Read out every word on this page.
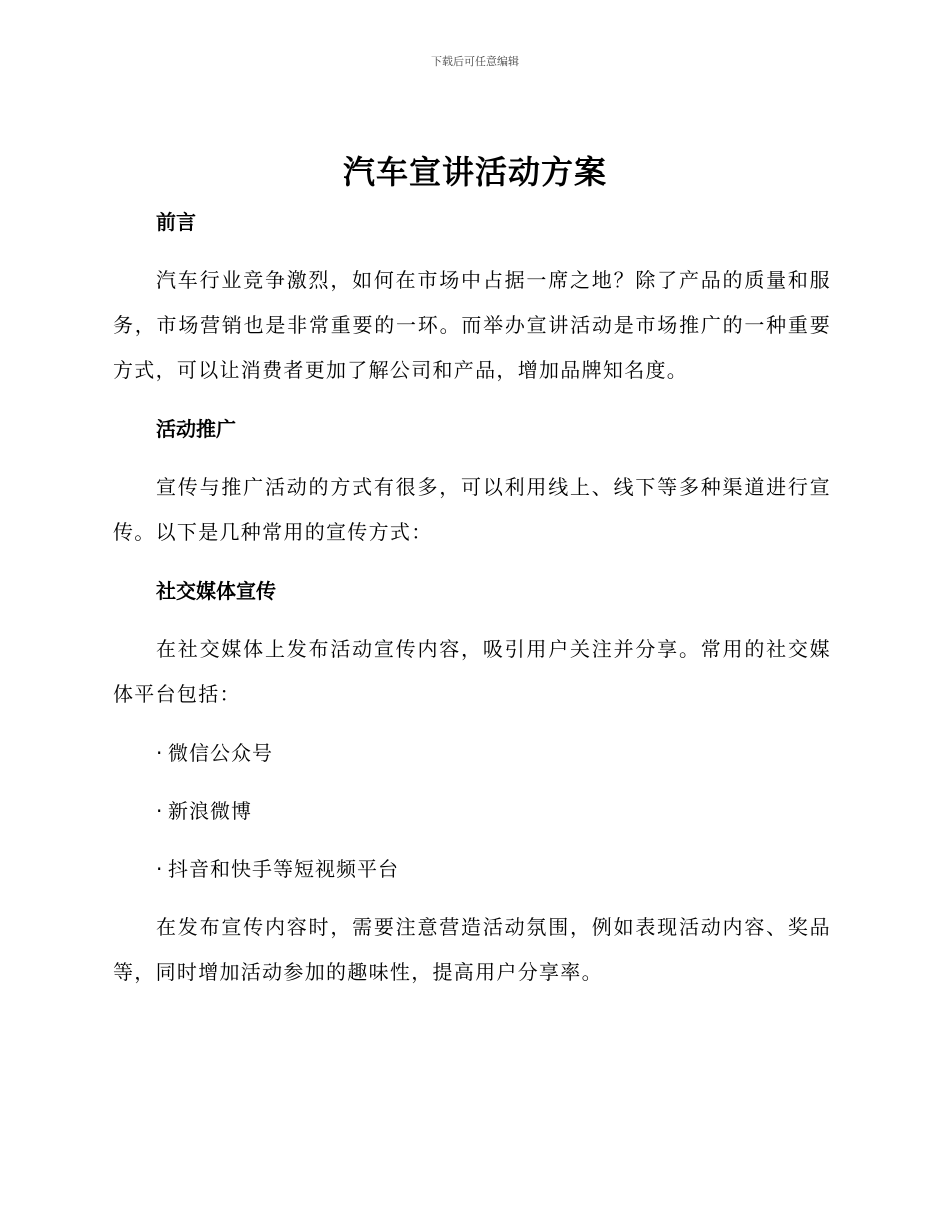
下载后可任意编辑
汽车宣讲活动方案
前言

汽车行业竞争激烈，如何在市场中占据一席之地？除了产品的质量和服务，市场营销也是非常重要的一环。而举办宣讲活动是市场推广的一种重要方式，可以让消费者更加了解公司和产品，增加品牌知名度。

活动推广

宣传与推广活动的方式有很多，可以利用线上、线下等多种渠道进行宣传。以下是几种常用的宣传方式：

社交媒体宣传

在社交媒体上发布活动宣传内容，吸引用户关注并分享。常用的社交媒体平台包括：

· 微信公众号
· 新浪微博
· 抖音和快手等短视频平台

在发布宣传内容时，需要注意营造活动氛围，例如表现活动内容、奖品等，同时增加活动参加的趣味性，提高用户分享率。
